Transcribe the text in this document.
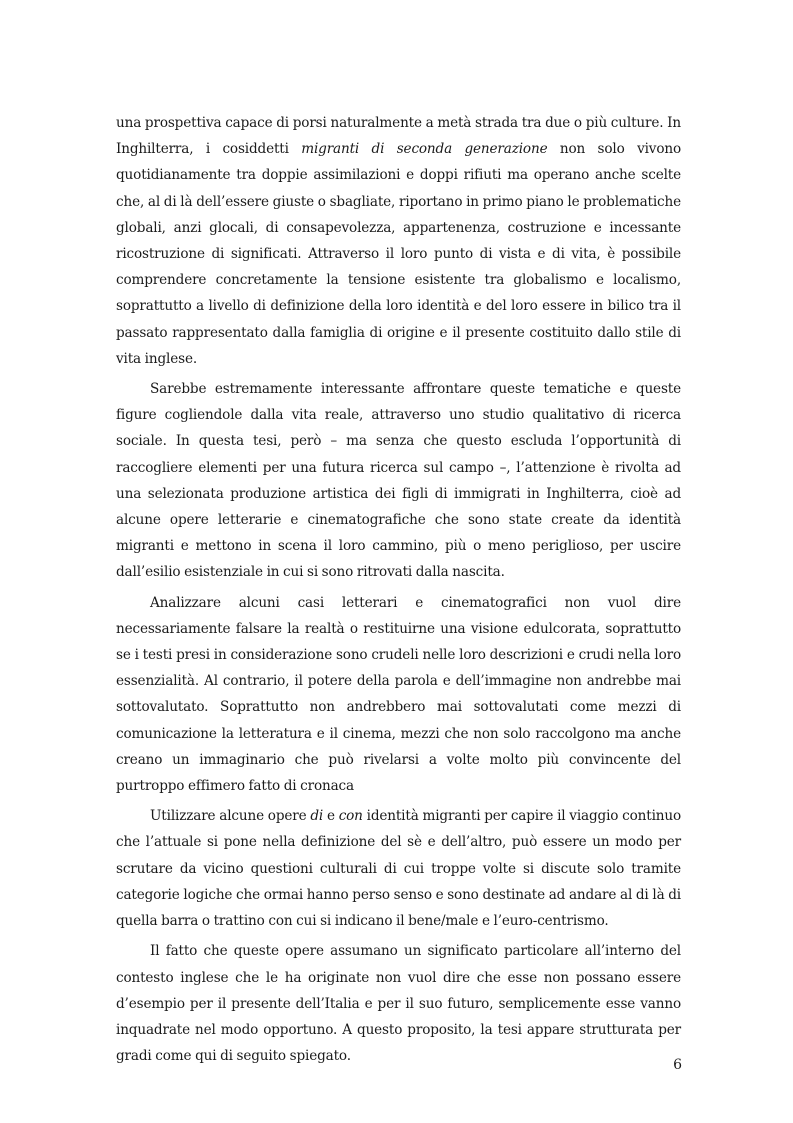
una prospettiva capace di porsi naturalmente a metà strada tra due o più culture. In Inghilterra, i cosiddetti migranti di seconda generazione non solo vivono quotidianamente tra doppie assimilazioni e doppi rifiuti ma operano anche scelte che, al di là dell’essere giuste o sbagliate, riportano in primo piano le problematiche globali, anzi glocali, di consapevolezza, appartenenza, costruzione e incessante ricostruzione di significati. Attraverso il loro punto di vista e di vita, è possibile comprendere concretamente la tensione esistente tra globalismo e localismo, soprattutto a livello di definizione della loro identità e del loro essere in bilico tra il passato rappresentato dalla famiglia di origine e il presente costituito dallo stile di vita inglese.

Sarebbe estremamente interessante affrontare queste tematiche e queste figure cogliendole dalla vita reale, attraverso uno studio qualitativo di ricerca sociale. In questa tesi, però – ma senza che questo escluda l’opportunità di raccogliere elementi per una futura ricerca sul campo –, l’attenzione è rivolta ad una selezionata produzione artistica dei figli di immigrati in Inghilterra, cioè ad alcune opere letterarie e cinematografiche che sono state create da identità migranti e mettono in scena il loro cammino, più o meno periglioso, per uscire dall’esilio esistenziale in cui si sono ritrovati dalla nascita.

Analizzare alcuni casi letterari e cinematografici non vuol dire necessariamente falsare la realtà o restituirne una visione edulcorata, soprattutto se i testi presi in considerazione sono crudeli nelle loro descrizioni e crudi nella loro essenzialità. Al contrario, il potere della parola e dell’immagine non andrebbe mai sottovalutato. Soprattutto non andrebbero mai sottovalutati come mezzi di comunicazione la letteratura e il cinema, mezzi che non solo raccolgono ma anche creano un immaginario che può rivelarsi a volte molto più convincente del purtroppo effimero fatto di cronaca

Utilizzare alcune opere di e con identità migranti per capire il viaggio continuo che l’attuale si pone nella definizione del sè e dell’altro, può essere un modo per scrutare da vicino questioni culturali di cui troppe volte si discute solo tramite categorie logiche che ormai hanno perso senso e sono destinate ad andare al di là di quella barra o trattino con cui si indicano il bene/male e l’euro-centrismo.

Il fatto che queste opere assumano un significato particolare all’interno del contesto inglese che le ha originate non vuol dire che esse non possano essere d’esempio per il presente dell’Italia e per il suo futuro, semplicemente esse vanno inquadrate nel modo opportuno. A questo proposito, la tesi appare strutturata per gradi come qui di seguito spiegato.

6
